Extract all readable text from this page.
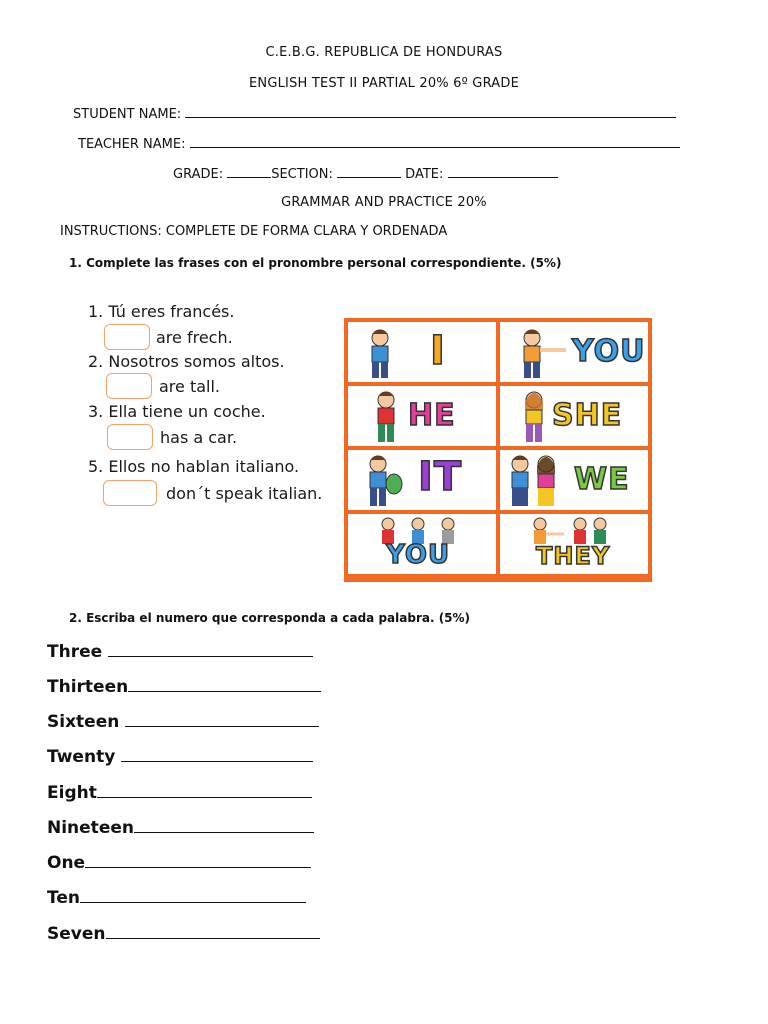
C.E.B.G. REPUBLICA DE HONDURAS
ENGLISH TEST II PARTIAL 20% 6º GRADE
STUDENT NAME:
TEACHER NAME:
GRADE:	SECTION:	DATE:
GRAMMAR AND PRACTICE 20%
INSTRUCTIONS: COMPLETE DE FORMA CLARA Y ORDENADA
1. Complete las frases con el pronombre personal correspondiente. (5%)
1. Tú eres francés.
are frech.
2. Nosotros somos altos.
are tall.
3. Ella tiene un coche.
has a car.
5. Ellos no hablan italiano.
don´t speak italian.
I	YOU
HE	SHE
IT	WE
YOU	THEY
2. Escriba el numero que corresponda a cada palabra. (5%)
Three
Thirteen
Sixteen
Twenty
Eight
Nineteen
One
Ten
Seven
